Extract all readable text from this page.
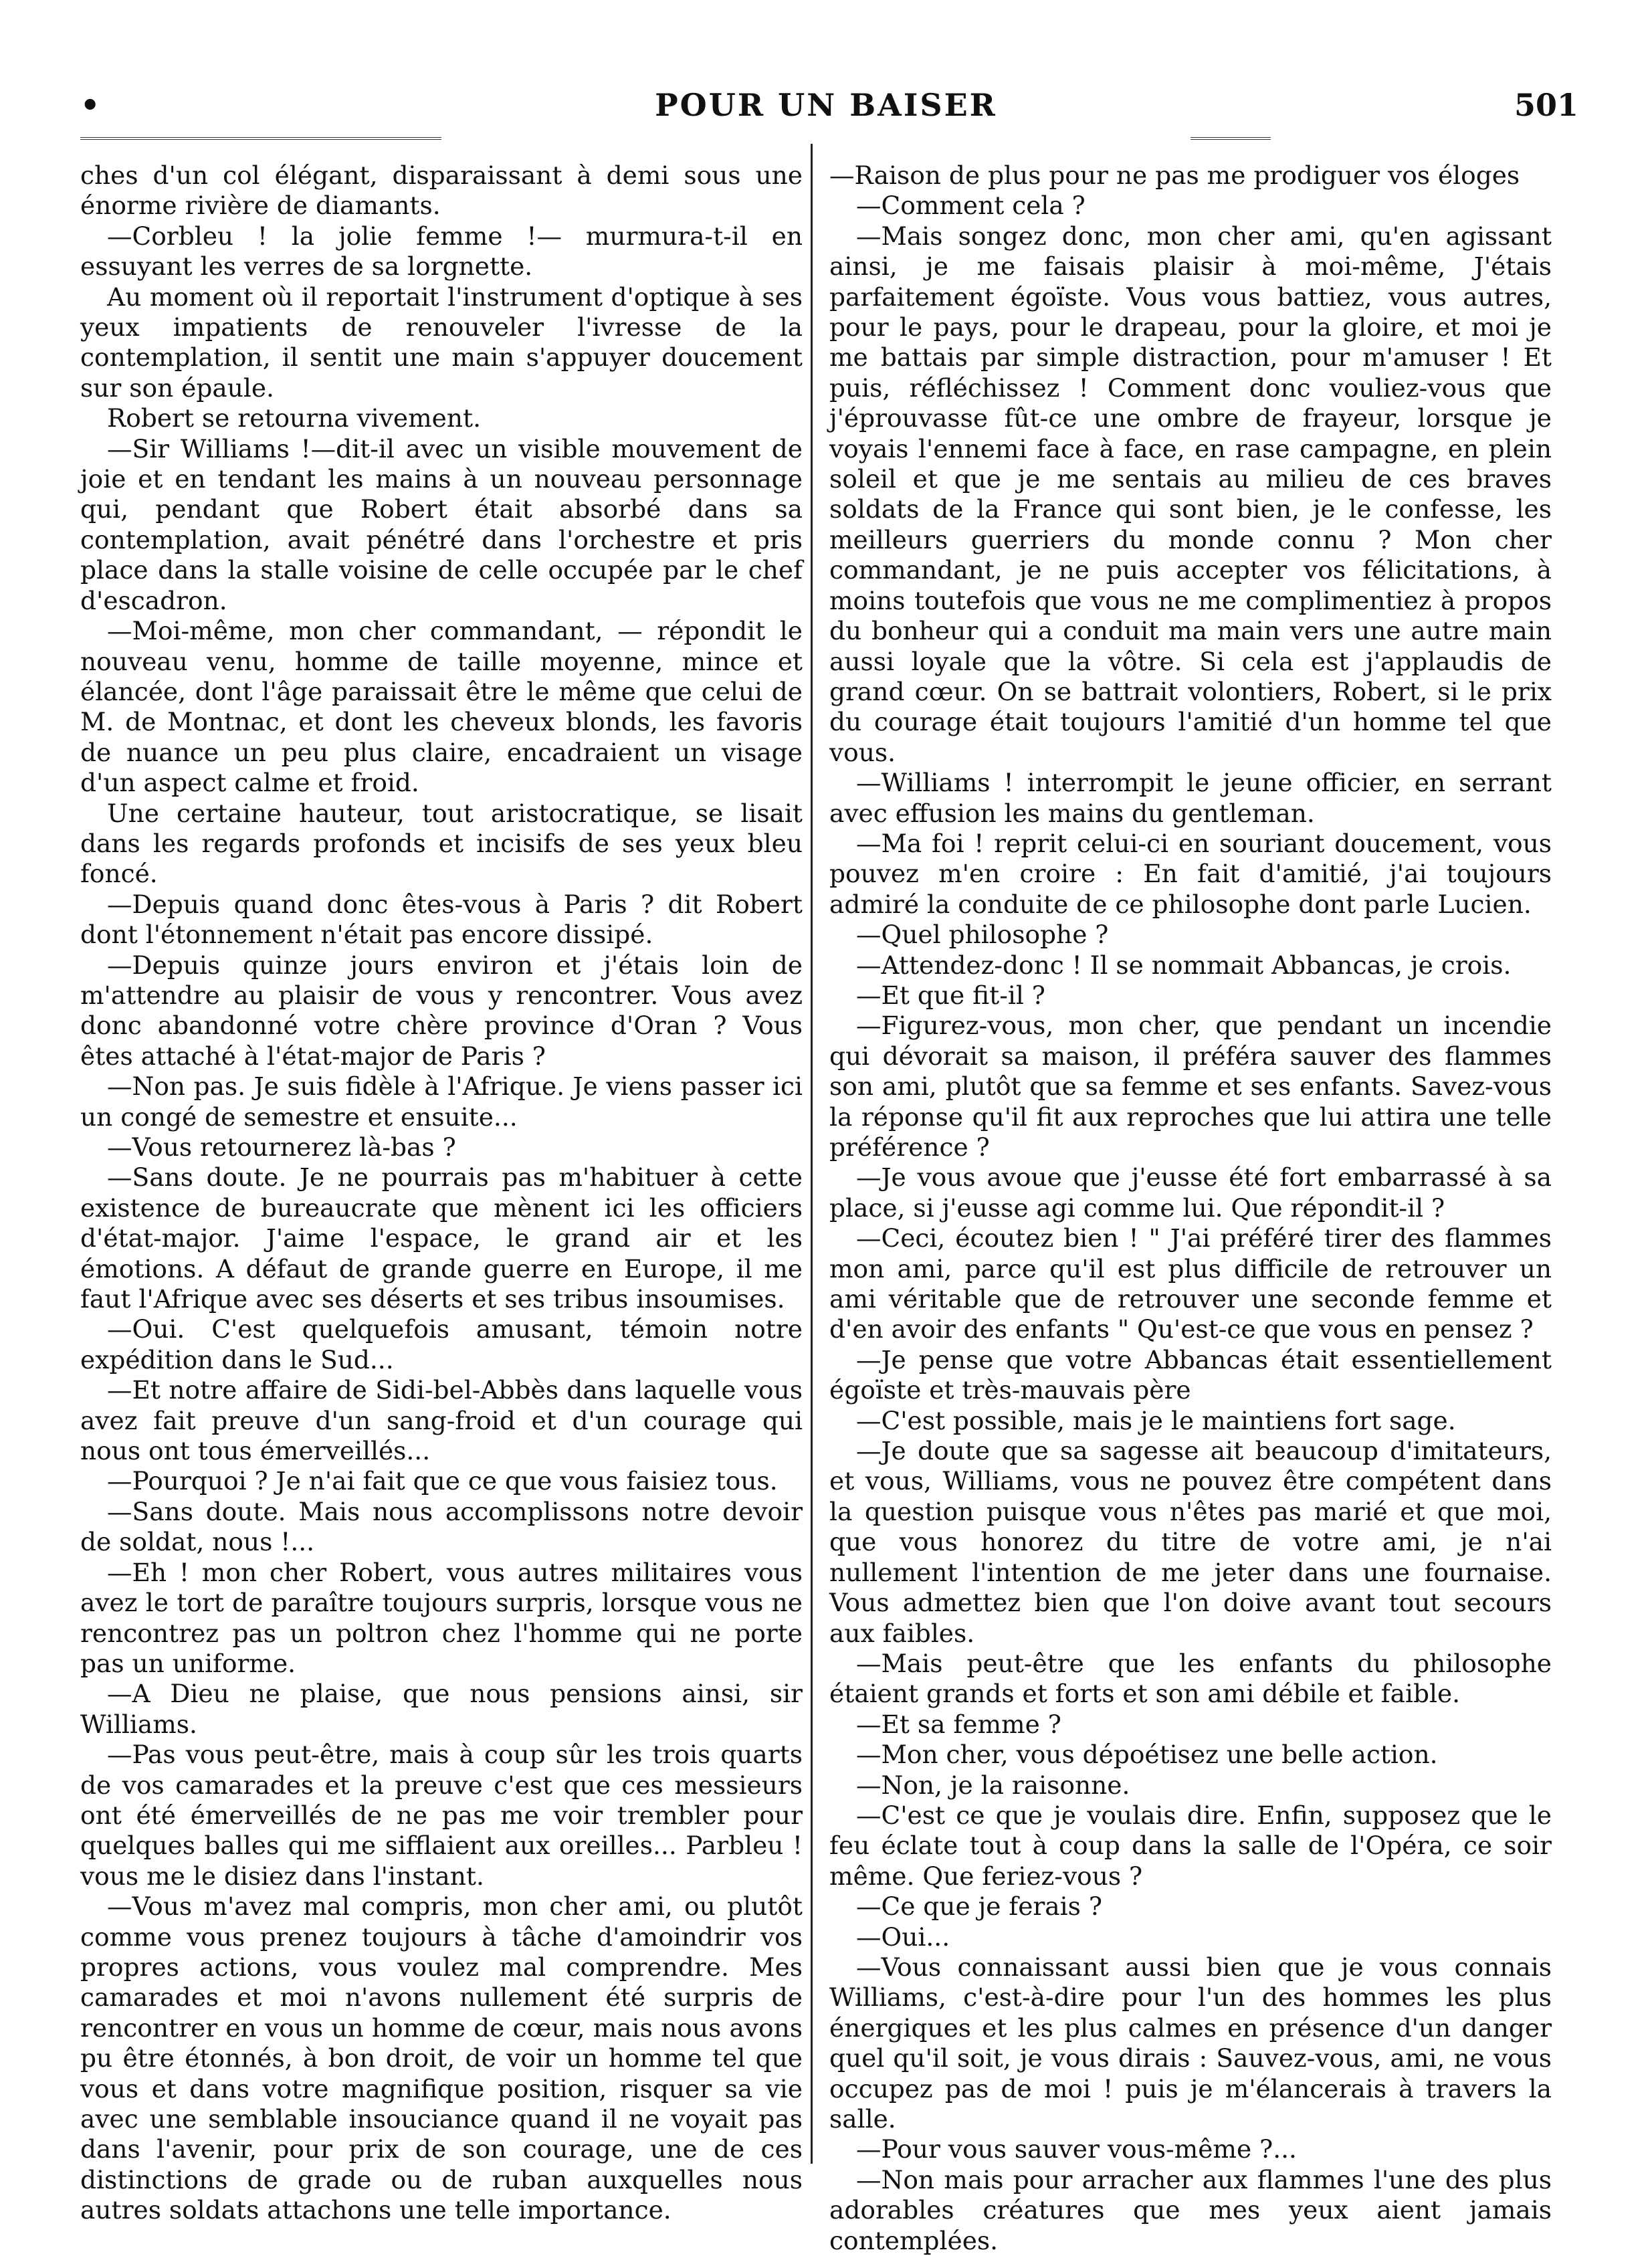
•	POUR UN BAISER	501

ches d'un col élégant, disparaissant à demi sous une énorme rivière de diamants.

—Corbleu ! la jolie femme !— murmura-t-il en essuyant les verres de sa lorgnette.

Au moment où il reportait l'instrument d'optique à ses yeux impatients de renouveler l'ivresse de la contemplation, il sentit une main s'appuyer doucement sur son épaule.

Robert se retourna vivement.

—Sir Williams !—dit-il avec un visible mouvement de joie et en tendant les mains à un nouveau personnage qui, pendant que Robert était absorbé dans sa contemplation, avait pénétré dans l'orchestre et pris place dans la stalle voisine de celle occupée par le chef d'escadron.

—Moi-même, mon cher commandant, — répondit le nouveau venu, homme de taille moyenne, mince et élancée, dont l'âge paraissait être le même que celui de M. de Montnac, et dont les cheveux blonds, les favoris de nuance un peu plus claire, encadraient un visage d'un aspect calme et froid.

Une certaine hauteur, tout aristocratique, se lisait dans les regards profonds et incisifs de ses yeux bleu foncé.

—Depuis quand donc êtes-vous à Paris ? dit Robert dont l'étonnement n'était pas encore dissipé.

—Depuis quinze jours environ et j'étais loin de m'attendre au plaisir de vous y rencontrer. Vous avez donc abandonné votre chère province d'Oran ? Vous êtes attaché à l'état-major de Paris ?

—Non pas. Je suis fidèle à l'Afrique. Je viens passer ici un congé de semestre et ensuite...

—Vous retournerez là-bas ?

—Sans doute. Je ne pourrais pas m'habituer à cette existence de bureaucrate que mènent ici les officiers d'état-major. J'aime l'espace, le grand air et les émotions. A défaut de grande guerre en Europe, il me faut l'Afrique avec ses déserts et ses tribus insoumises.

—Oui. C'est quelquefois amusant, témoin notre expédition dans le Sud...

—Et notre affaire de Sidi-bel-Abbès dans laquelle vous avez fait preuve d'un sang-froid et d'un courage qui nous ont tous émerveillés...

—Pourquoi ? Je n'ai fait que ce que vous faisiez tous.

—Sans doute. Mais nous accomplissons notre devoir de soldat, nous !...

—Eh ! mon cher Robert, vous autres militaires vous avez le tort de paraître toujours surpris, lorsque vous ne rencontrez pas un poltron chez l'homme qui ne porte pas un uniforme.

—A Dieu ne plaise, que nous pensions ainsi, sir Williams.

—Pas vous peut-être, mais à coup sûr les trois quarts de vos camarades et la preuve c'est que ces messieurs ont été émerveillés de ne pas me voir trembler pour quelques balles qui me sifflaient aux oreilles... Parbleu ! vous me le disiez dans l'instant.

—Vous m'avez mal compris, mon cher ami, ou plutôt comme vous prenez toujours à tâche d'amoindrir vos propres actions, vous voulez mal comprendre. Mes camarades et moi n'avons nullement été surpris de rencontrer en vous un homme de cœur, mais nous avons pu être étonnés, à bon droit, de voir un homme tel que vous et dans votre magnifique position, risquer sa vie avec une semblable insouciance quand il ne voyait pas dans l'avenir, pour prix de son courage, une de ces distinctions de grade ou de ruban auxquelles nous autres soldats attachons une telle importance.

—Raison de plus pour ne pas me prodiguer vos éloges

—Comment cela ?

—Mais songez donc, mon cher ami, qu'en agissant ainsi, je me faisais plaisir à moi-même, J'étais parfaitement égoïste. Vous vous battiez, vous autres, pour le pays, pour le drapeau, pour la gloire, et moi je me battais par simple distraction, pour m'amuser ! Et puis, réfléchissez ! Comment donc vouliez-vous que j'éprouvasse fût-ce une ombre de frayeur, lorsque je voyais l'ennemi face à face, en rase campagne, en plein soleil et que je me sentais au milieu de ces braves soldats de la France qui sont bien, je le confesse, les meilleurs guerriers du monde connu ? Mon cher commandant, je ne puis accepter vos félicitations, à moins toutefois que vous ne me complimentiez à propos du bonheur qui a conduit ma main vers une autre main aussi loyale que la vôtre. Si cela est j'applaudis de grand cœur. On se battrait volontiers, Robert, si le prix du courage était toujours l'amitié d'un homme tel que vous.

—Williams ! interrompit le jeune officier, en serrant avec effusion les mains du gentleman.

—Ma foi ! reprit celui-ci en souriant doucement, vous pouvez m'en croire : En fait d'amitié, j'ai toujours admiré la conduite de ce philosophe dont parle Lucien.

—Quel philosophe ?

—Attendez-donc ! Il se nommait Abbancas, je crois.

—Et que fit-il ?

—Figurez-vous, mon cher, que pendant un incendie qui dévorait sa maison, il préféra sauver des flammes son ami, plutôt que sa femme et ses enfants. Savez-vous la réponse qu'il fit aux reproches que lui attira une telle préférence ?

—Je vous avoue que j'eusse été fort embarrassé à sa place, si j'eusse agi comme lui. Que répondit-il ?

—Ceci, écoutez bien ! " J'ai préféré tirer des flammes mon ami, parce qu'il est plus difficile de retrouver un ami véritable que de retrouver une seconde femme et d'en avoir des enfants " Qu'est-ce que vous en pensez ?

—Je pense que votre Abbancas était essentiellement égoïste et très-mauvais père

—C'est possible, mais je le maintiens fort sage.

—Je doute que sa sagesse ait beaucoup d'imitateurs, et vous, Williams, vous ne pouvez être compétent dans la question puisque vous n'êtes pas marié et que moi, que vous honorez du titre de votre ami, je n'ai nullement l'intention de me jeter dans une fournaise. Vous admettez bien que l'on doive avant tout secours aux faibles.

—Mais peut-être que les enfants du philosophe étaient grands et forts et son ami débile et faible.

—Et sa femme ?

—Mon cher, vous dépoétisez une belle action.

—Non, je la raisonne.

—C'est ce que je voulais dire. Enfin, supposez que le feu éclate tout à coup dans la salle de l'Opéra, ce soir même. Que feriez-vous ?

—Ce que je ferais ?

—Oui...

—Vous connaissant aussi bien que je vous connais Williams, c'est-à-dire pour l'un des hommes les plus énergiques et les plus calmes en présence d'un danger quel qu'il soit, je vous dirais : Sauvez-vous, ami, ne vous occupez pas de moi ! puis je m'élancerais à travers la salle.

—Pour vous sauver vous-même ?...

—Non mais pour arracher aux flammes l'une des plus adorables créatures que mes yeux aient jamais contemplées.
